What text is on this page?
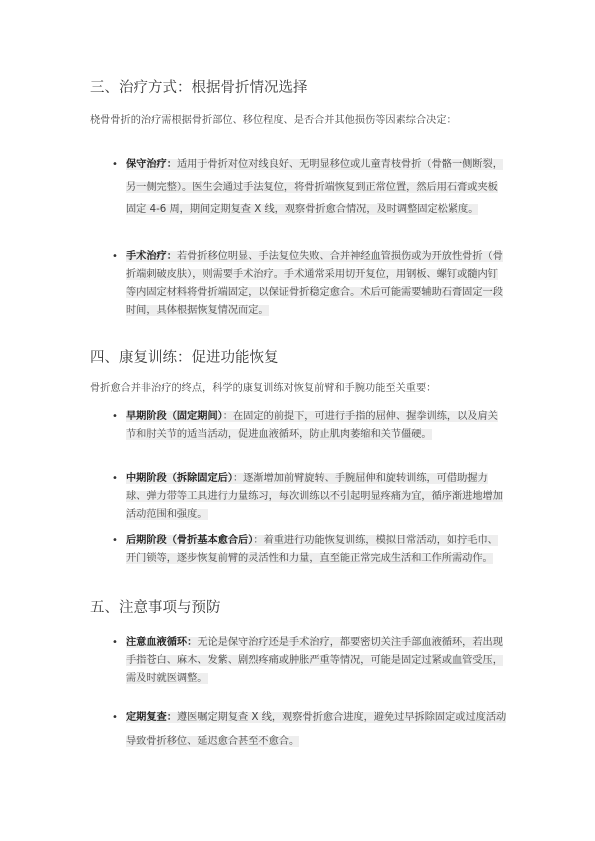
三、治疗方式：根据骨折情况选择

桡骨骨折的治疗需根据骨折部位、移位程度、是否合并其他损伤等因素综合决定：

• 保守治疗：适用于骨折对位对线良好、无明显移位或儿童青枝骨折（骨骼一侧断裂，另一侧完整）。医生会通过手法复位，将骨折端恢复到正常位置，然后用石膏或夹板固定 4-6 周，期间定期复查 X 线，观察骨折愈合情况，及时调整固定松紧度。
• 手术治疗：若骨折移位明显、手法复位失败、合并神经血管损伤或为开放性骨折（骨折端刺破皮肤），则需要手术治疗。手术通常采用切开复位，用钢板、螺钉或髓内钉等内固定材料将骨折端固定，以保证骨折稳定愈合。术后可能需要辅助石膏固定一段时间，具体根据恢复情况而定。
四、康复训练：促进功能恢复

骨折愈合并非治疗的终点，科学的康复训练对恢复前臂和手腕功能至关重要：

• 早期阶段（固定期间）：在固定的前提下，可进行手指的屈伸、握拳训练，以及肩关节和肘关节的适当活动，促进血液循环，防止肌肉萎缩和关节僵硬。
• 中期阶段（拆除固定后）：逐渐增加前臂旋转、手腕屈伸和旋转训练，可借助握力球、弹力带等工具进行力量练习，每次训练以不引起明显疼痛为宜，循序渐进地增加活动范围和强度。
• 后期阶段（骨折基本愈合后）：着重进行功能恢复训练，模拟日常活动，如拧毛巾、开门锁等，逐步恢复前臂的灵活性和力量，直至能正常完成生活和工作所需动作。
五、注意事项与预防
• 注意血液循环：无论是保守治疗还是手术治疗，都要密切关注手部血液循环，若出现手指苍白、麻木、发紫、剧烈疼痛或肿胀严重等情况，可能是固定过紧或血管受压，需及时就医调整。
• 定期复查：遵医嘱定期复查 X 线，观察骨折愈合进度，避免过早拆除固定或过度活动导致骨折移位、延迟愈合甚至不愈合。
